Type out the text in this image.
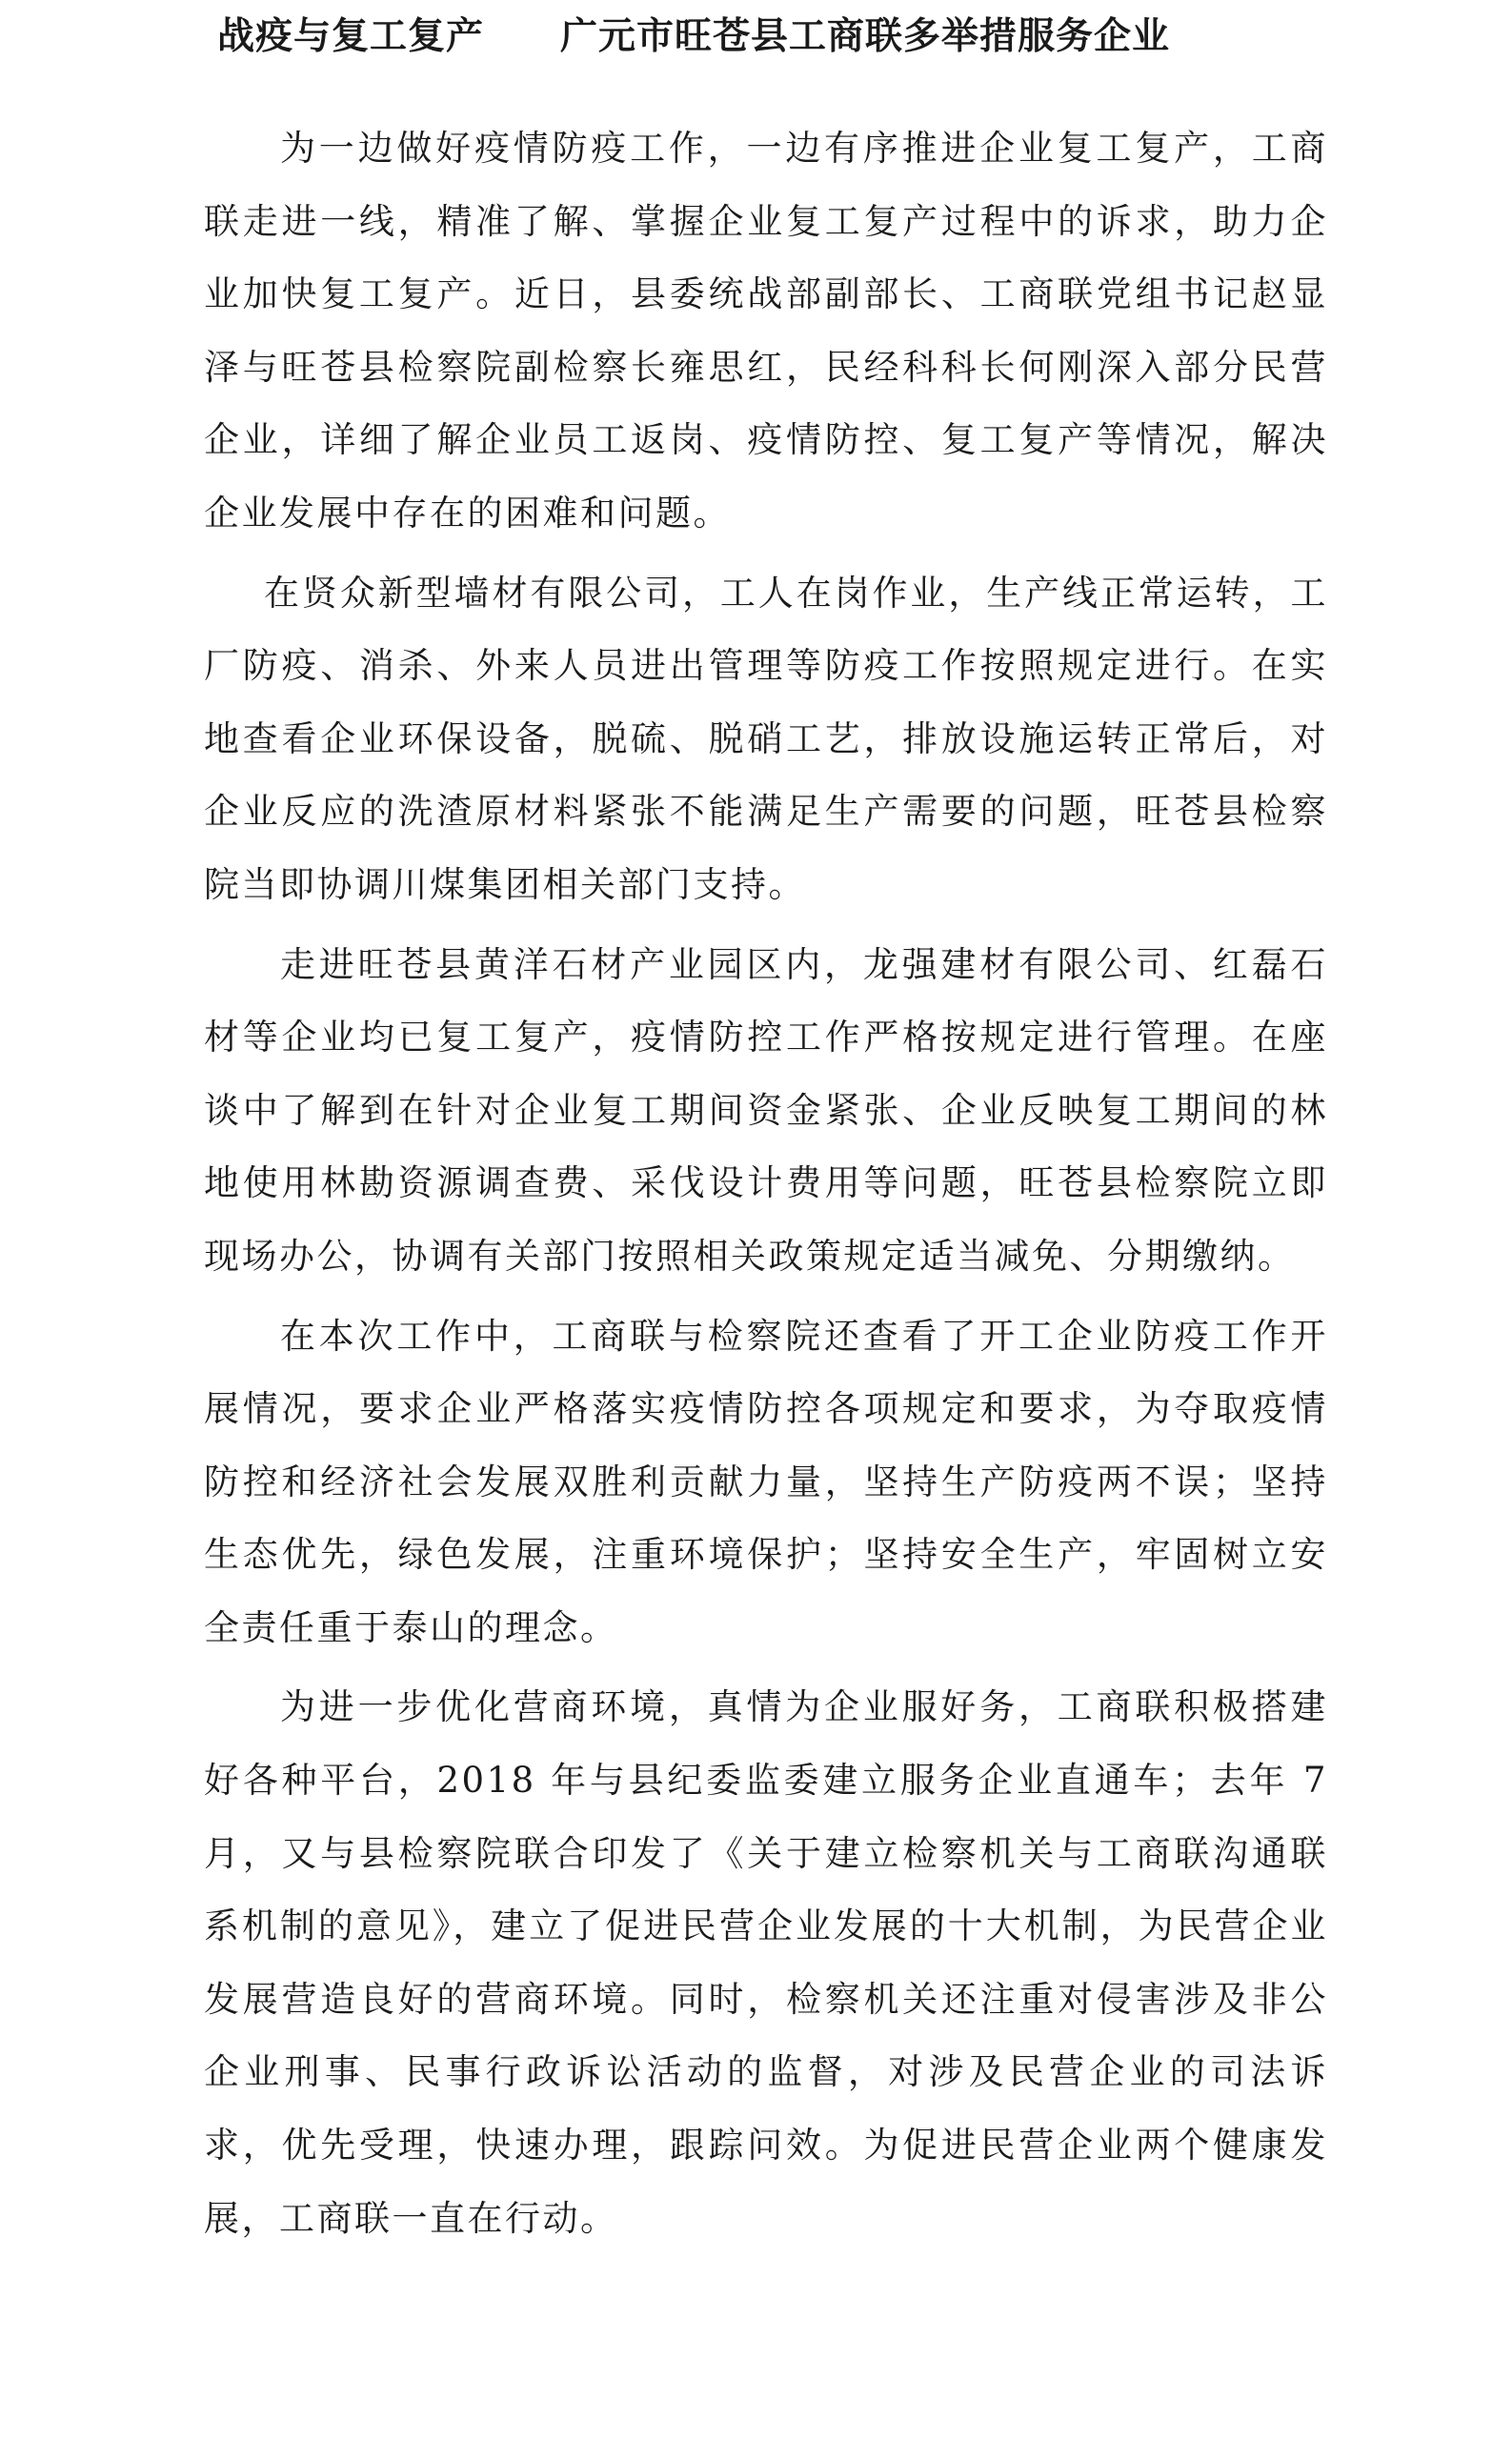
战疫与复工复产　　广元市旺苍县工商联多举措服务企业

为一边做好疫情防疫工作，一边有序推进企业复工复产，工商联走进一线，精准了解、掌握企业复工复产过程中的诉求，助力企业加快复工复产。近日，县委统战部副部长、工商联党组书记赵显泽与旺苍县检察院副检察长雍思红，民经科科长何刚深入部分民营企业，详细了解企业员工返岗、疫情防控、复工复产等情况，解决企业发展中存在的困难和问题。

在贤众新型墙材有限公司，工人在岗作业，生产线正常运转，工厂防疫、消杀、外来人员进出管理等防疫工作按照规定进行。在实地查看企业环保设备，脱硫、脱硝工艺，排放设施运转正常后，对企业反应的洗渣原材料紧张不能满足生产需要的问题，旺苍县检察院当即协调川煤集团相关部门支持。

走进旺苍县黄洋石材产业园区内，龙强建材有限公司、红磊石材等企业均已复工复产，疫情防控工作严格按规定进行管理。在座谈中了解到在针对企业复工期间资金紧张、企业反映复工期间的林地使用林勘资源调查费、采伐设计费用等问题，旺苍县检察院立即现场办公，协调有关部门按照相关政策规定适当减免、分期缴纳。

在本次工作中，工商联与检察院还查看了开工企业防疫工作开展情况，要求企业严格落实疫情防控各项规定和要求，为夺取疫情防控和经济社会发展双胜利贡献力量，坚持生产防疫两不误；坚持生态优先，绿色发展，注重环境保护；坚持安全生产，牢固树立安全责任重于泰山的理念。

为进一步优化营商环境，真情为企业服好务，工商联积极搭建好各种平台，2018 年与县纪委监委建立服务企业直通车；去年 7 月，又与县检察院联合印发了《关于建立检察机关与工商联沟通联系机制的意见》，建立了促进民营企业发展的十大机制，为民营企业发展营造良好的营商环境。同时，检察机关还注重对侵害涉及非公企业刑事、民事行政诉讼活动的监督，对涉及民营企业的司法诉求，优先受理，快速办理，跟踪问效。为促进民营企业两个健康发展，工商联一直在行动。
